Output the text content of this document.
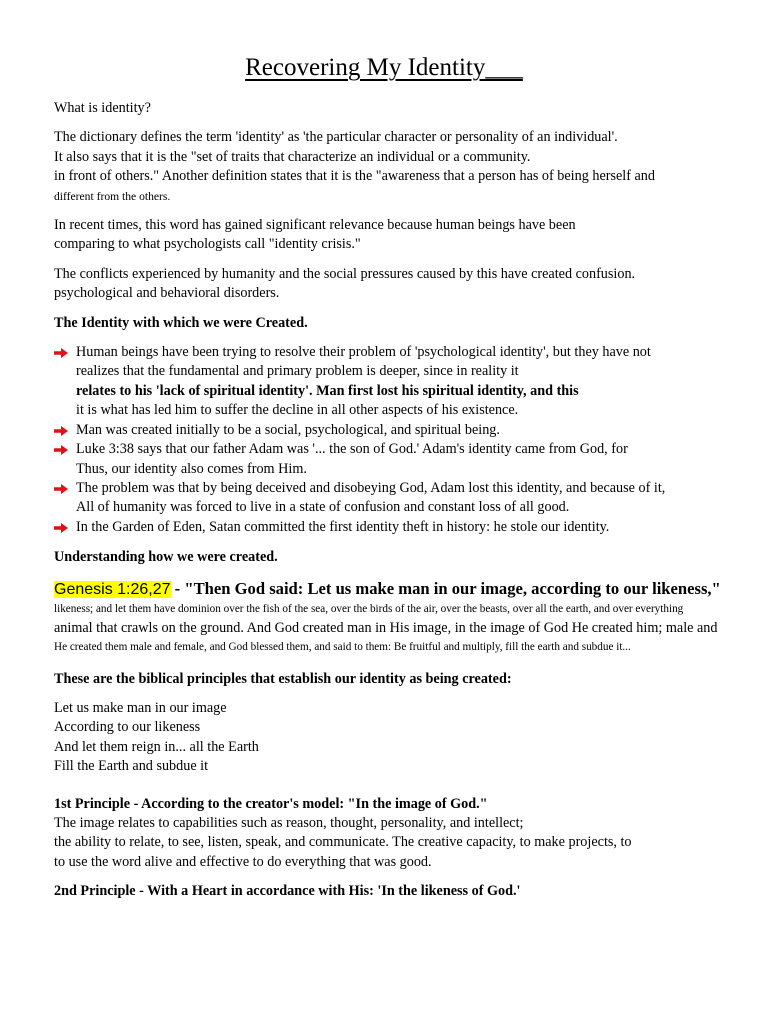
Recovering My Identity___

What is identity?

The dictionary defines the term 'identity' as 'the particular character or personality of an individual'.
It also says that it is the "set of traits that characterize an individual or a community.
in front of others." Another definition states that it is the "awareness that a person has of being herself and
different from the others.

In recent times, this word has gained significant relevance because human beings have been
comparing to what psychologists call "identity crisis."

The conflicts experienced by humanity and the social pressures caused by this have created confusion.
psychological and behavioral disorders.

The Identity with which we were Created.

Human beings have been trying to resolve their problem of 'psychological identity', but they have not
realizes that the fundamental and primary problem is deeper, since in reality it
relates to his 'lack of spiritual identity'. Man first lost his spiritual identity, and this
it is what has led him to suffer the decline in all other aspects of his existence.
Man was created initially to be a social, psychological, and spiritual being.
Luke 3:38 says that our father Adam was '... the son of God.' Adam's identity came from God, for
Thus, our identity also comes from Him.
The problem was that by being deceived and disobeying God, Adam lost this identity, and because of it,
All of humanity was forced to live in a state of confusion and constant loss of all good.
In the Garden of Eden, Satan committed the first identity theft in history: he stole our identity.

Understanding how we were created.

Genesis 1:26,27 - "Then God said: Let us make man in our image, according to our likeness,"

likeness; and let them have dominion over the fish of the sea, over the birds of the air, over the beasts, over all the earth, and over everything

animal that crawls on the ground. And God created man in His image, in the image of God He created him; male and

He created them male and female, and God blessed them, and said to them: Be fruitful and multiply, fill the earth and subdue it...

These are the biblical principles that establish our identity as being created:

Let us make man in our image

According to our likeness

And let them reign in... all the Earth

Fill the Earth and subdue it

1st Principle - According to the creator's model: "In the image of God."

The image relates to capabilities such as reason, thought, personality, and intellect;

the ability to relate, to see, listen, speak, and communicate. The creative capacity, to make projects, to

to use the word alive and effective to do everything that was good.

2nd Principle - With a Heart in accordance with His: 'In the likeness of God.'
